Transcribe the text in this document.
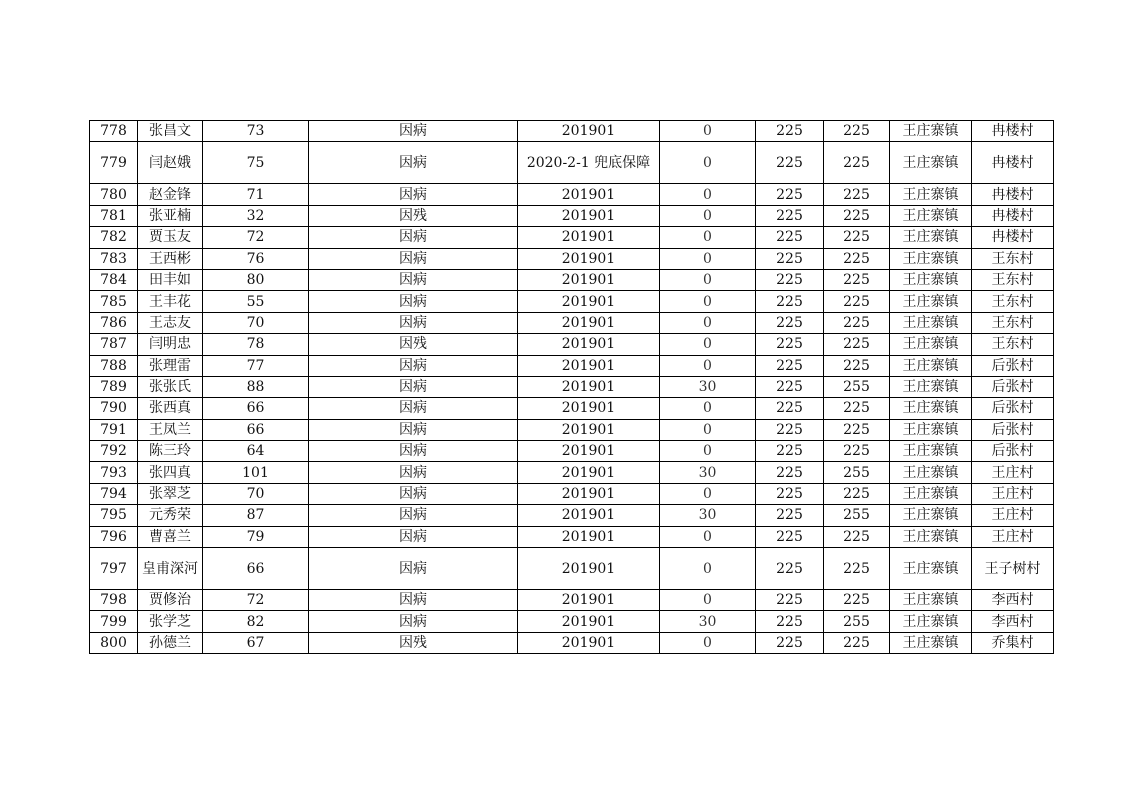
778	张昌文	73	因病	201901	0	225	225	王庄寨镇	冉楼村
779	闫赵娥	75	因病	2020-2-1 兜底保障	0	225	225	王庄寨镇	冉楼村
780	赵金锋	71	因病	201901	0	225	225	王庄寨镇	冉楼村
781	张亚楠	32	因残	201901	0	225	225	王庄寨镇	冉楼村
782	贾玉友	72	因病	201901	0	225	225	王庄寨镇	冉楼村
783	王西彬	76	因病	201901	0	225	225	王庄寨镇	王东村
784	田丰如	80	因病	201901	0	225	225	王庄寨镇	王东村
785	王丰花	55	因病	201901	0	225	225	王庄寨镇	王东村
786	王志友	70	因病	201901	0	225	225	王庄寨镇	王东村
787	闫明忠	78	因残	201901	0	225	225	王庄寨镇	王东村
788	张理雷	77	因病	201901	0	225	225	王庄寨镇	后张村
789	张张氏	88	因病	201901	30	225	255	王庄寨镇	后张村
790	张西真	66	因病	201901	0	225	225	王庄寨镇	后张村
791	王凤兰	66	因病	201901	0	225	225	王庄寨镇	后张村
792	陈三玲	64	因病	201901	0	225	225	王庄寨镇	后张村
793	张四真	101	因病	201901	30	225	255	王庄寨镇	王庄村
794	张翠芝	70	因病	201901	0	225	225	王庄寨镇	王庄村
795	元秀荣	87	因病	201901	30	225	255	王庄寨镇	王庄村
796	曹喜兰	79	因病	201901	0	225	225	王庄寨镇	王庄村
797	皇甫深河	66	因病	201901	0	225	225	王庄寨镇	王子树村
798	贾修治	72	因病	201901	0	225	225	王庄寨镇	李西村
799	张学芝	82	因病	201901	30	225	255	王庄寨镇	李西村
800	孙德兰	67	因残	201901	0	225	225	王庄寨镇	乔集村
